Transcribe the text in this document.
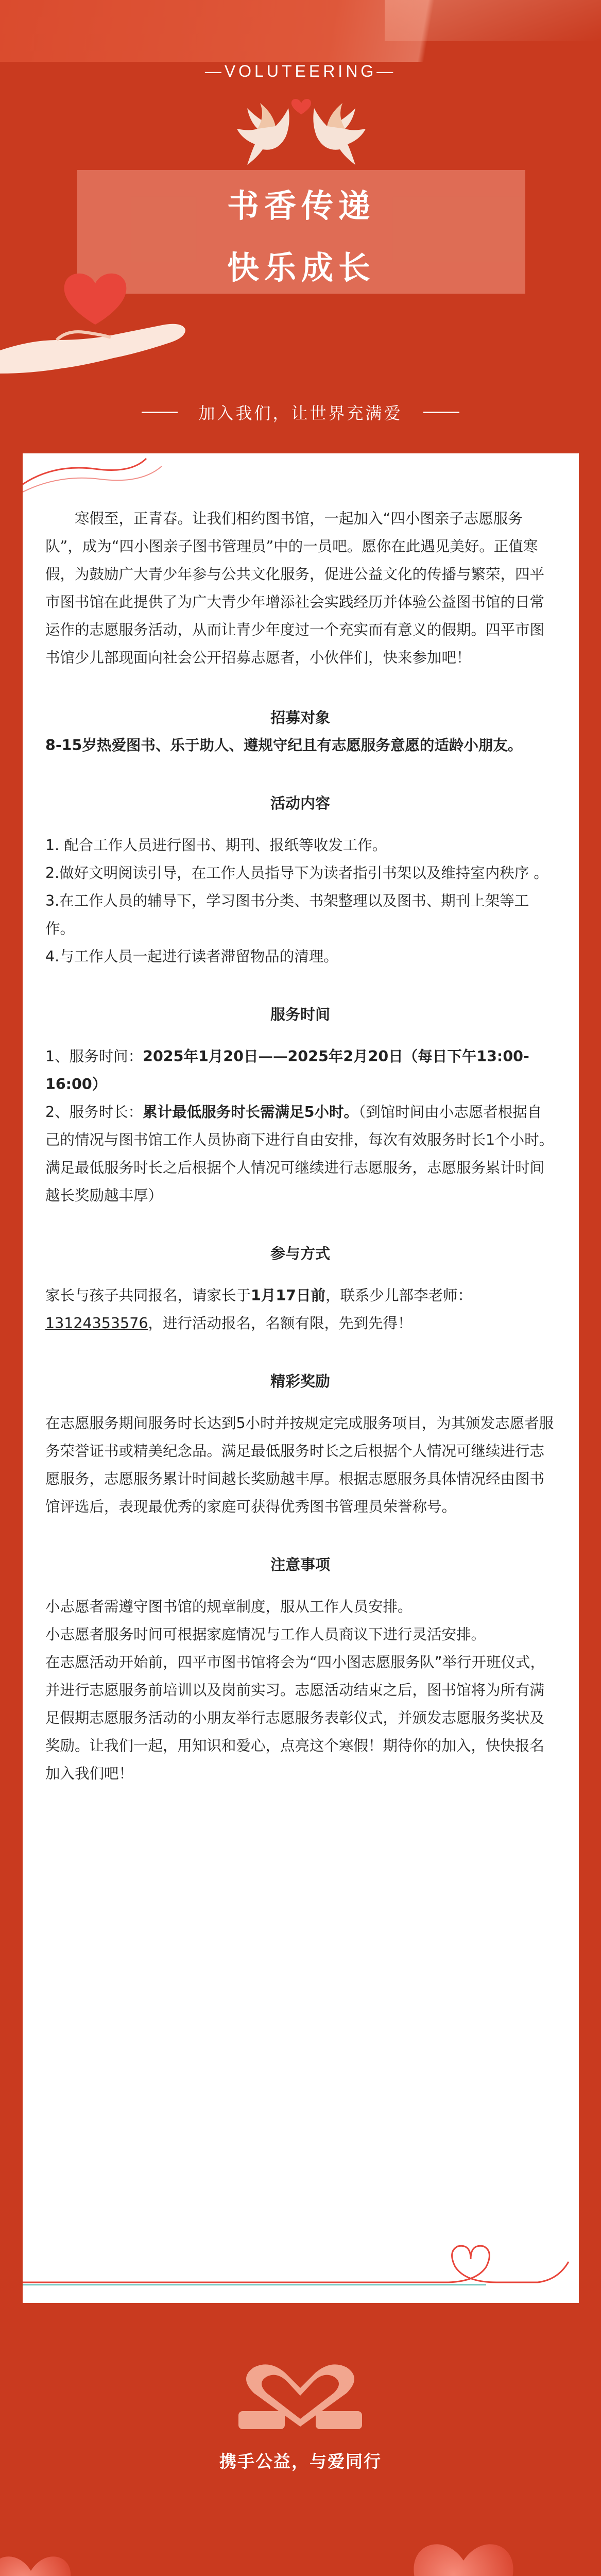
—VOLUTEERING—
书香传递
快乐成长
加入我们，让世界充满爱

寒假至，正青春。让我们相约图书馆，一起加入“四小图亲子志愿服务队”，成为“四小图亲子图书管理员”中的一员吧。愿你在此遇见美好。正值寒假，为鼓励广大青少年参与公共文化服务，促进公益文化的传播与繁荣，四平市图书馆在此提供了为广大青少年增添社会实践经历并体验公益图书馆的日常运作的志愿服务活动，从而让青少年度过一个充实而有意义的假期。四平市图书馆少儿部现面向社会公开招募志愿者，小伙伴们，快来参加吧！

招募对象

8-15岁热爱图书、乐于助人、遵规守纪且有志愿服务意愿的适龄小朋友。

活动内容

1. 配合工作人员进行图书、期刊、报纸等收发工作。

2.做好文明阅读引导，在工作人员指导下为读者指引书架以及维持室内秩序 。

3.在工作人员的辅导下，学习图书分类、书架整理以及图书、期刊上架等工作。

4.与工作人员一起进行读者滞留物品的清理。

服务时间

1、服务时间：2025年1月20日——2025年2月20日（每日下午13:00-16:00）

2、服务时长：累计最低服务时长需满足5小时。（到馆时间由小志愿者根据自己的情况与图书馆工作人员协商下进行自由安排，每次有效服务时长1个小时。满足最低服务时长之后根据个人情况可继续进行志愿服务，志愿服务累计时间越长奖励越丰厚）

参与方式

家长与孩子共同报名，请家长于1月17日前，联系少儿部李老师：13124353576，进行活动报名，名额有限，先到先得！

精彩奖励

在志愿服务期间服务时长达到5小时并按规定完成服务项目，为其颁发志愿者服务荣誉证书或精美纪念品。满足最低服务时长之后根据个人情况可继续进行志愿服务，志愿服务累计时间越长奖励越丰厚。根据志愿服务具体情况经由图书馆评选后，表现最优秀的家庭可获得优秀图书管理员荣誉称号。

注意事项

小志愿者需遵守图书馆的规章制度，服从工作人员安排。

小志愿者服务时间可根据家庭情况与工作人员商议下进行灵活安排。

在志愿活动开始前，四平市图书馆将会为“四小图志愿服务队”举行开班仪式，并进行志愿服务前培训以及岗前实习。志愿活动结束之后，图书馆将为所有满足假期志愿服务活动的小朋友举行志愿服务表彰仪式，并颁发志愿服务奖状及奖励。让我们一起，用知识和爱心，点亮这个寒假！期待你的加入，快快报名加入我们吧！

携手公益，与爱同行
